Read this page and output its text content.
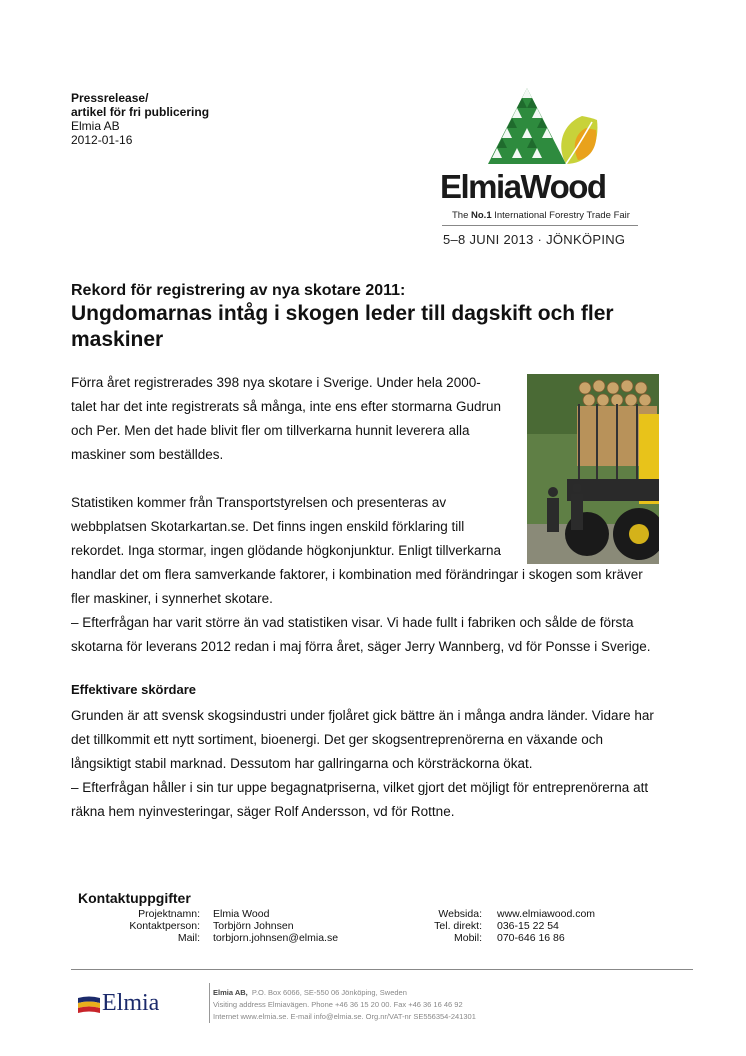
Pressrelease/
artikel för fri publicering
Elmia AB
2012-01-16
ElmiaWood
The No.1 International Forestry Trade Fair
5–8 JUNI 2013 · JÖNKÖPING
Rekord för registrering av nya skotare 2011:
Ungdomarnas intåg i skogen leder till dagskift och fler maskiner

Förra året registrerades 398 nya skotare i Sverige. Under hela 2000-

talet har det inte registrerats så många, inte ens efter stormarna Gudrun

och Per. Men det hade blivit fler om tillverkarna hunnit leverera alla

maskiner som beställdes.

Statistiken kommer från Transportstyrelsen och presenteras av

webbplatsen Skotarkartan.se. Det finns ingen enskild förklaring till

rekordet. Inga stormar, ingen glödande högkonjunktur. Enligt tillverkarna

handlar det om flera samverkande faktorer, i kombination med förändringar i skogen som kräver

fler maskiner, i synnerhet skotare.

– Efterfrågan har varit större än vad statistiken visar. Vi hade fullt i fabriken och sålde de första

skotarna för leverans 2012 redan i maj förra året, säger Jerry Wannberg, vd för Ponsse i Sverige.

Effektivare skördare

Grunden är att svensk skogsindustri under fjolåret gick bättre än i många andra länder. Vidare har

det tillkommit ett nytt sortiment, bioenergi. Det ger skogsentreprenörerna en växande och

långsiktigt stabil marknad. Dessutom har gallringarna och körsträckorna ökat.

– Efterfrågan håller i sin tur uppe begagnatpriserna, vilket gjort det möjligt för entreprenörerna att

räkna hem nyinvesteringar, säger Rolf Andersson, vd för Rottne.

Kontaktuppgifter
Projektnamn:
Kontaktperson:
Mail:
Elmia Wood
Torbjörn Johnsen
torbjorn.johnsen@elmia.se
Websida:
Tel. direkt:
Mobil:
www.elmiawood.com
036-15 22 54
070-646 16 86
Elmia	Elmia AB, P.O. Box 6066, SE-550 06 Jönköping, Sweden
Visiting address Elmiavägen. Phone +46 36 15 20 00. Fax +46 36 16 46 92
Internet www.elmia.se. E-mail info@elmia.se. Org.nr/VAT-nr SE556354-241301
